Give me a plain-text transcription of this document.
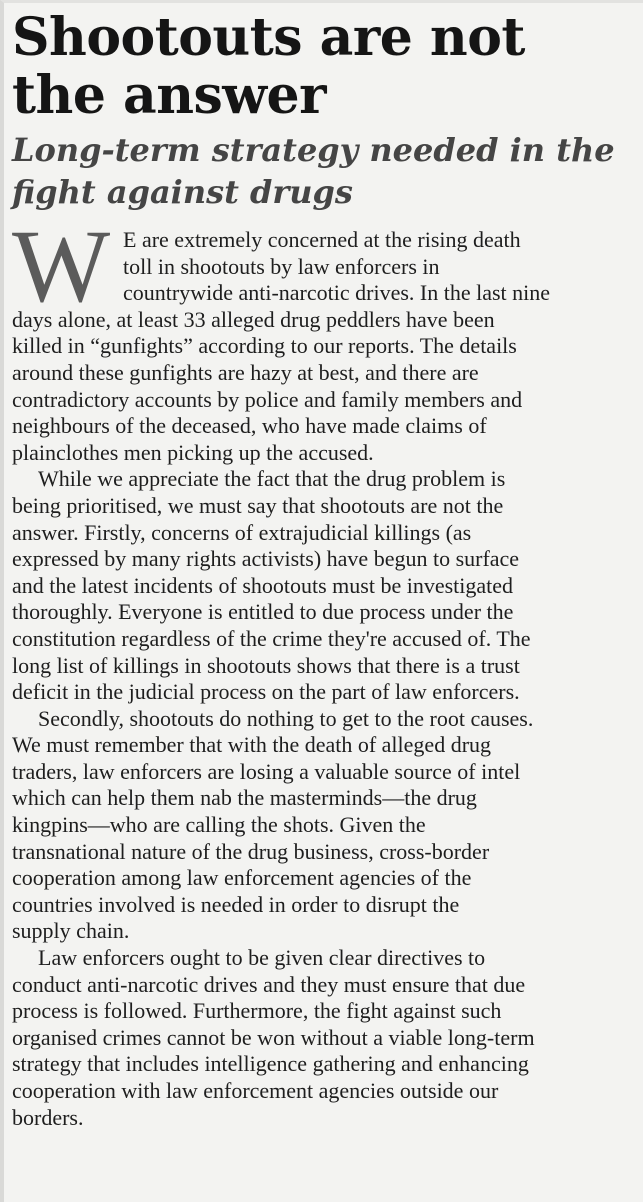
Shootouts are not
the answer
Long-term strategy needed in the
fight against drugs
W E are extremely concerned at the rising death
toll in shootouts by law enforcers in
countrywide anti-narcotic drives. In the last nine
days alone, at least 33 alleged drug peddlers have been
killed in “gunfights” according to our reports. The details
around these gunfights are hazy at best, and there are
contradictory accounts by police and family members and
neighbours of the deceased, who have made claims of
plainclothes men picking up the accused.
While we appreciate the fact that the drug problem is
being prioritised, we must say that shootouts are not the
answer. Firstly, concerns of extrajudicial killings (as
expressed by many rights activists) have begun to surface
and the latest incidents of shootouts must be investigated
thoroughly. Everyone is entitled to due process under the
constitution regardless of the crime they're accused of. The
long list of killings in shootouts shows that there is a trust
deficit in the judicial process on the part of law enforcers.
Secondly, shootouts do nothing to get to the root causes.
We must remember that with the death of alleged drug
traders, law enforcers are losing a valuable source of intel
which can help them nab the masterminds—the drug
kingpins—who are calling the shots. Given the
transnational nature of the drug business, cross-border
cooperation among law enforcement agencies of the
countries involved is needed in order to disrupt the
supply chain.
Law enforcers ought to be given clear directives to
conduct anti-narcotic drives and they must ensure that due
process is followed. Furthermore, the fight against such
organised crimes cannot be won without a viable long-term
strategy that includes intelligence gathering and enhancing
cooperation with law enforcement agencies outside our
borders.
